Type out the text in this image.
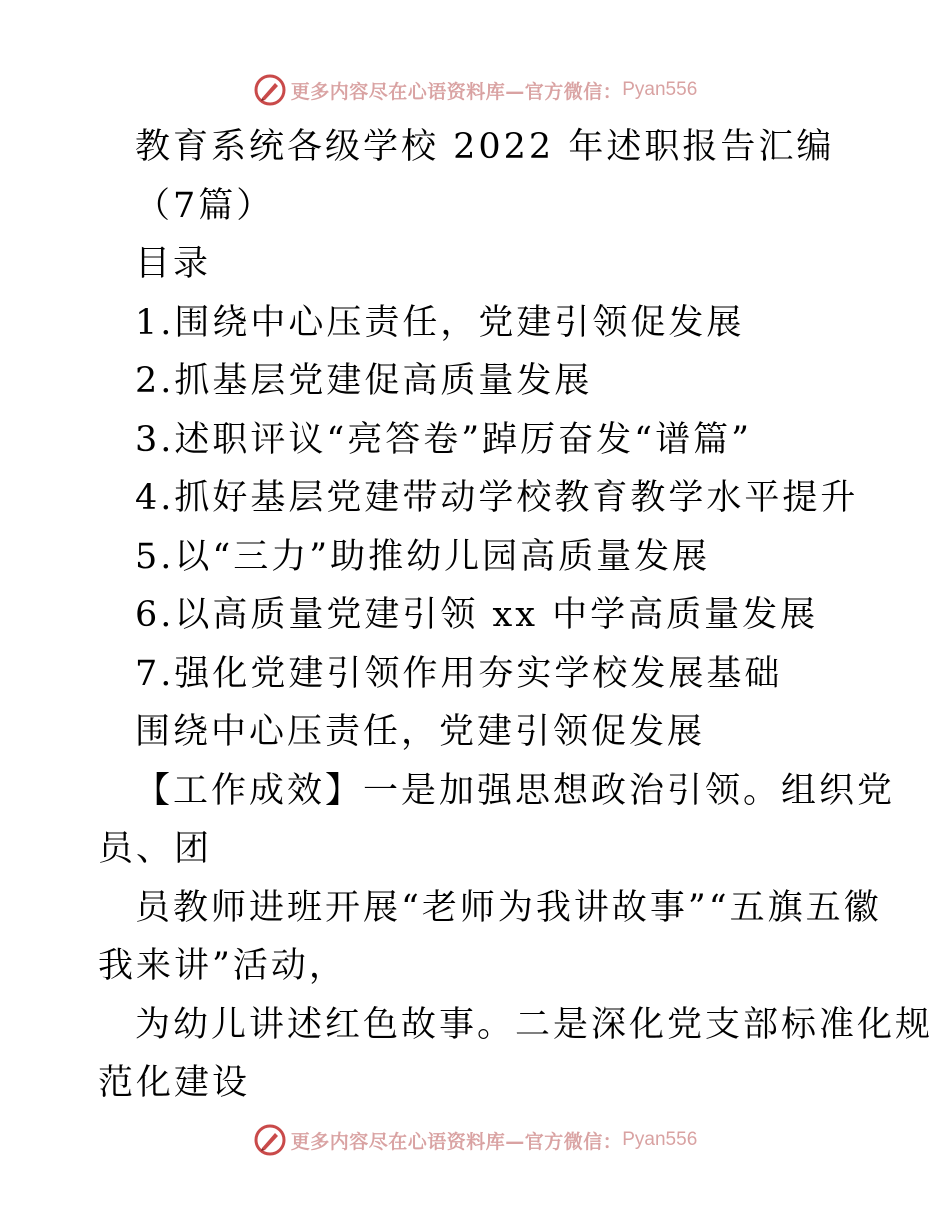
更多内容尽在心语资料库—官方微信： Pyan556

教育系统各级学校 2022 年述职报告汇编

（7篇）

目录

1.围绕中心压责任，党建引领促发展

2.抓基层党建促高质量发展

3.述职评议“亮答卷”踔厉奋发“谱篇”

4.抓好基层党建带动学校教育教学水平提升

5.以“三力”助推幼儿园高质量发展

6.以高质量党建引领 xx 中学高质量发展

7.强化党建引领作用夯实学校发展基础

围绕中心压责任，党建引领促发展

【工作成效】一是加强思想政治引领。组织党

员、团

员教师进班开展“老师为我讲故事”“五旗五徽

我来讲”活动，

为幼儿讲述红色故事。二是深化党支部标准化规

范化建设

更多内容尽在心语资料库—官方微信： Pyan556
